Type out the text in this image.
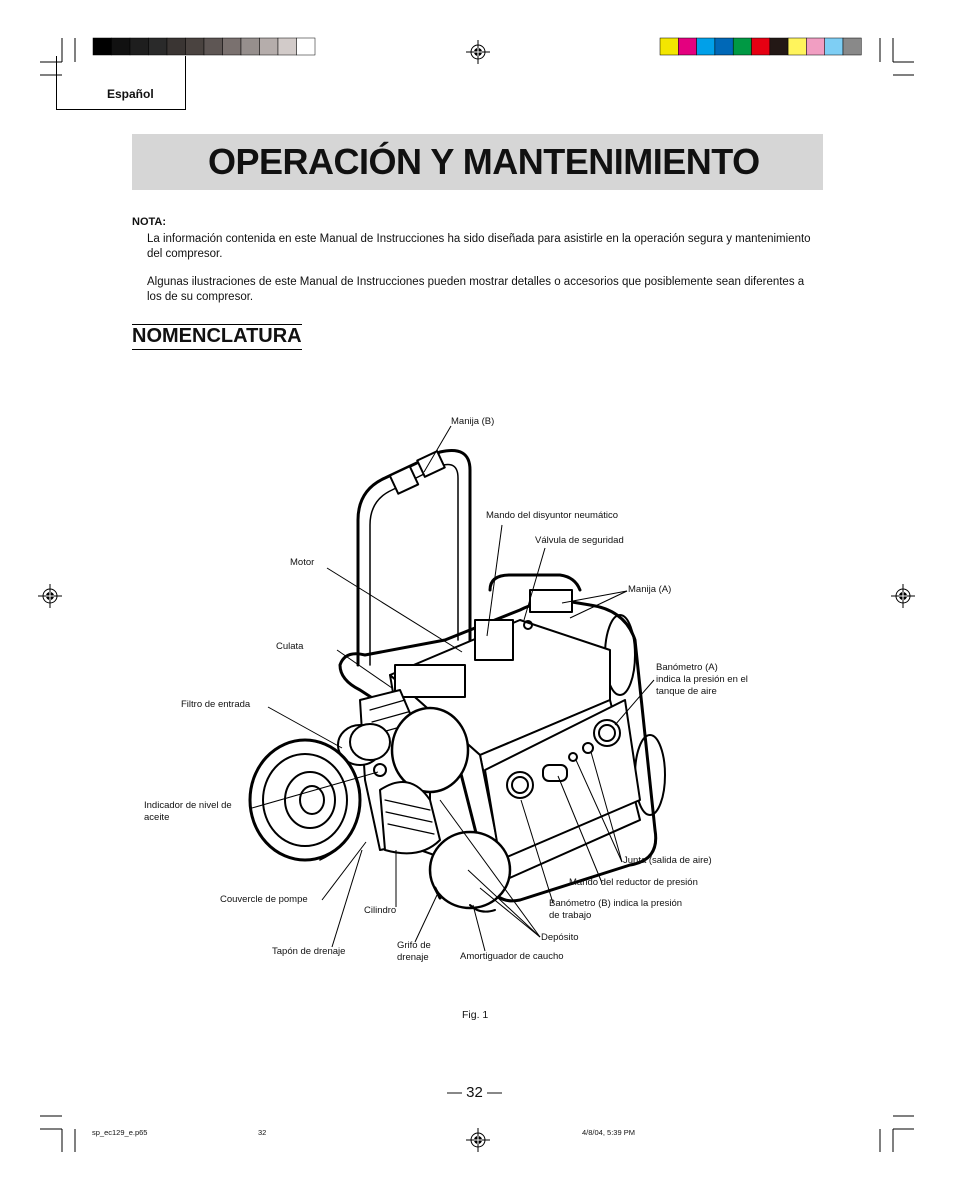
Español
OPERACIÓN Y MANTENIMIENTO
NOTA:
La información contenida en este Manual de Instrucciones ha sido diseñada para asistirle en la operación segura y mantenimiento del compresor.
Algunas ilustraciones de este Manual de Instrucciones pueden mostrar detalles o accesorios que posiblemente sean diferentes a los de su compresor.
NOMENCLATURA
Manija (B)
Mando del disyuntor neumático
Válvula de seguridad
Motor
Manija (A)
Culata
Banómetro (A)
indica la presión en el
tanque de aire
Filtro de entrada
Indicador de nivel de
aceite
Junta (salida de aire)
Mando del reductor de presión
Couvercle de pompe
Cilindro
Banómetro (B) indica la presión
de trabajo
Depósito
Tapón de drenaje
Grifo de
drenaje	Amortiguador de caucho
Fig. 1
— 32 —
sp_ec129_e.p65	32	4/8/04, 5:39 PM
